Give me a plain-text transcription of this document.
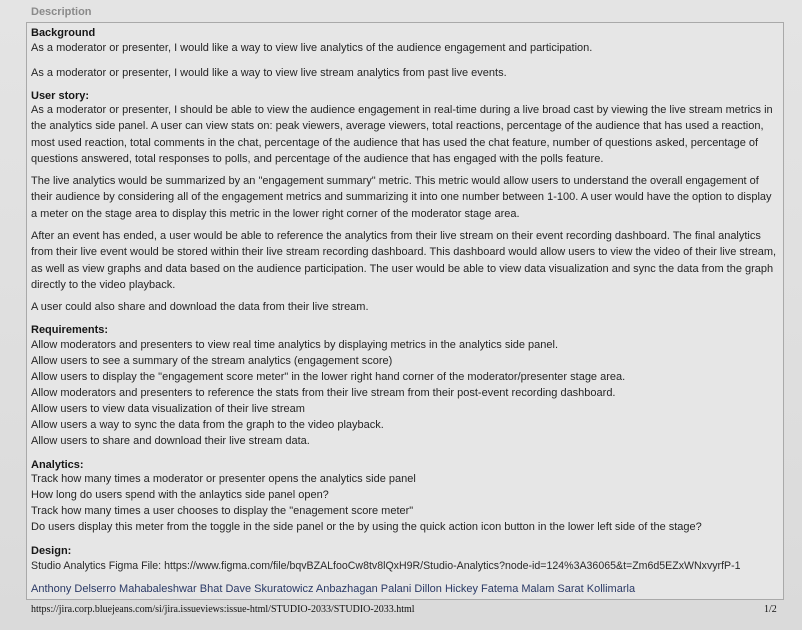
Description
Background
As a moderator or presenter, I would like a way to view live analytics of the audience engagement and participation.
As a moderator or presenter, I would like a way to view live stream analytics from past live events.
User story:
As a moderator or presenter, I should be able to view the audience engagement in real-time during a live broad cast by viewing the live stream metrics in the analytics side panel. A user can view stats on: peak viewers, average viewers, total reactions, percentage of the audience that has used a reaction, most used reaction, total comments in the chat, percentage of the audience that has used the chat feature, number of questions asked, percentage of questions answered, total responses to polls, and percentage of the audience that has engaged with the polls feature.
The live analytics would be summarized by an "engagement summary" metric. This metric would allow users to understand the overall engagement of their audience by considering all of the engagement metrics and summarizing it into one number between 1-100. A user would have the option to display a meter on the stage area to display this metric in the lower right corner of the moderator stage area.
After an event has ended, a user would be able to reference the analytics from their live stream on their event recording dashboard. The final analytics from their live event would be stored within their live stream recording dashboard. This dashboard would allow users to view the video of their live stream, as well as view graphs and data based on the audience participation. The user would be able to view data visualization and sync the data from the graph directly to the video playback.
A user could also share and download the data from their live stream.
Requirements:
Allow moderators and presenters to view real time analytics by displaying metrics in the analytics side panel.
Allow users to see a summary of the stream analytics (engagement score)
Allow users to display the "engagement score meter" in the lower right hand corner of the moderator/presenter stage area.
Allow moderators and presenters to reference the stats from their live stream from their post-event recording dashboard.
Allow users to view data visualization of their live stream
Allow users a way to sync the data from the graph to the video playback.
Allow users to share and download their live stream data.
Analytics:
Track how many times a moderator or presenter opens the analytics side panel
How long do users spend with the anlaytics side panel open?
Track how many times a user chooses to display the "enagement score meter"
Do users display this meter from the toggle in the side panel or the by using the quick action icon button in the lower left side of the stage?
Design:
Studio Analytics Figma File: https://www.figma.com/file/bqvBZALfooCw8tv8lQxH9R/Studio-Analytics?node-id=124%3A36065&t=Zm6d5EZxWNxvyrfP-1
Anthony Delserro Mahabaleshwar Bhat Dave Skuratowicz Anbazhagan Palani Dillon Hickey Fatema Malam Sarat Kollimarla
https://jira.corp.bluejeans.com/si/jira.issueviews:issue-html/STUDIO-2033/STUDIO-2033.html	1/2
